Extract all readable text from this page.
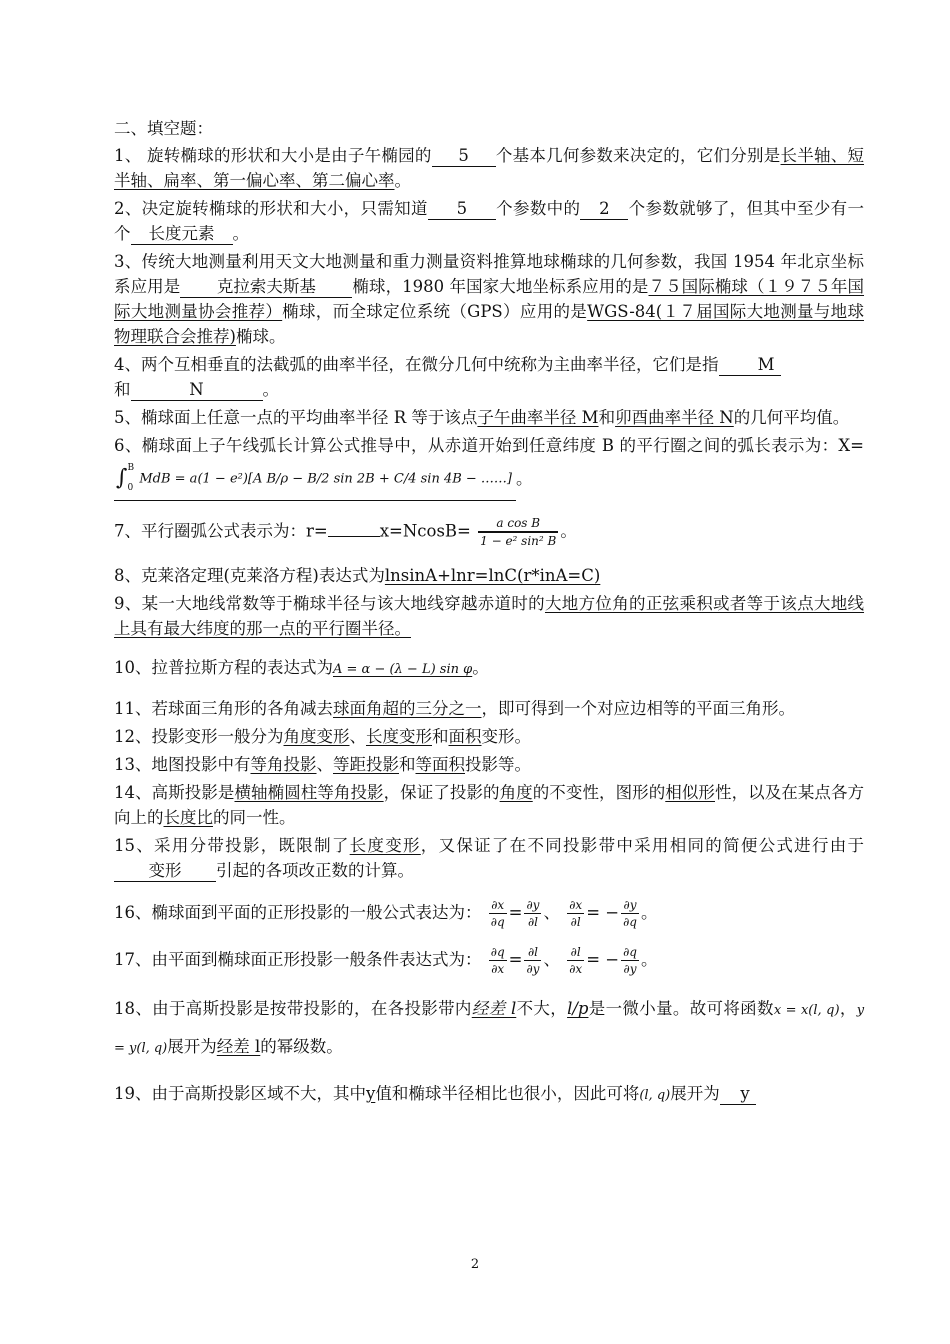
二、填空题：
1、 旋转椭球的形状和大小是由子午椭园的 5 个基本几何参数来决定的，它们分别是长半轴、短半轴、扁率、第一偏心率、第二偏心率。
2、决定旋转椭球的形状和大小，只需知道 5 个参数中的 2 个参数就够了，但其中至少有一个 长度元素 。
3、传统大地测量利用天文大地测量和重力测量资料推算地球椭球的几何参数，我国 1954 年北京坐标系应用是 克拉索夫斯基 椭球，1980 年国家大地坐标系应用的是７５国际椭球（１９７５年国际大地测量协会推荐）椭球，而全球定位系统（GPS）应用的是WGS-84(１７届国际大地测量与地球物理联合会推荐)椭球。
4、两个互相垂直的法截弧的曲率半径，在微分几何中统称为主曲率半径，它们是指 M
和	N	。
5、椭球面上任意一点的平均曲率半径 R 等于该点子午曲率半径 M和卯酉曲率半径 N的几何平均值。
6、椭球面上子午线弧长计算公式推导中，从赤道开始到任意纬度 B 的平行圈之间的弧长表示为：X= ∫B
0 MdB = a(1 − e²)[A B/ρ − B/2 sin 2B + C/4 sin 4B − ……] 。
7、平行圈弧公式表示为：r=	$x=NcosB= \frac{\text{a cos B}}{\text{1 − e² sin² B}}$ 。
8、克莱洛定理(克莱洛方程)表达式为lnsinA+lnr=lnC(r*inA=C)
9、某一大地线常数等于椭球半径与该大地线穿越赤道时的大地方位角的正弦乘积或者等于该点大地线上具有最大纬度的那一点的平行圈半径。
10、拉普拉斯方程的表达式为A = α − (λ − L) sin φ。
11、若球面三角形的各角减去球面角超的三分之一，即可得到一个对应边相等的平面三角形。
12、投影变形一般分为角度变形、长度变形和面积变形。
13、地图投影中有等角投影、等距投影和等面积投影等。
14、高斯投影是横轴椭圆柱等角投影，保证了投影的角度的不变性，图形的相似形性，以及在某点各方向上的长度比的同一性。
15、采用分带投影，既限制了长度变形，又保证了在不同投影带中采用相同的简便公式进行由于变形 引起的各项改正数的计算。
16、椭球面到平面的正形投影的一般公式表达为： $\frac{\partial x}{\partial q} = \frac{\partial y}{\partial l}$ 、 $\frac{\partial x}{\partial l}$ = − $\frac{\partial y}{\partial q}$ 。
17、由平面到椭球面正形投影一般条件表达式为： $\frac{\partial q}{\partial x} = \frac{\partial l}{\partial y}$ 、 $\frac{\partial l}{\partial x}$ = − $\frac{\partial q}{\partial y}$ 。
18、由于高斯投影是按带投影的，在各投影带内经差 l不大，l/p是一微小量。故可将函数x = x(l, q)，y = y(l, q)展开为经差 l的幂级数。
19、由于高斯投影区域不大，其中y值和椭球半径相比也很小，因此可将(l, q)展开为 y
2
